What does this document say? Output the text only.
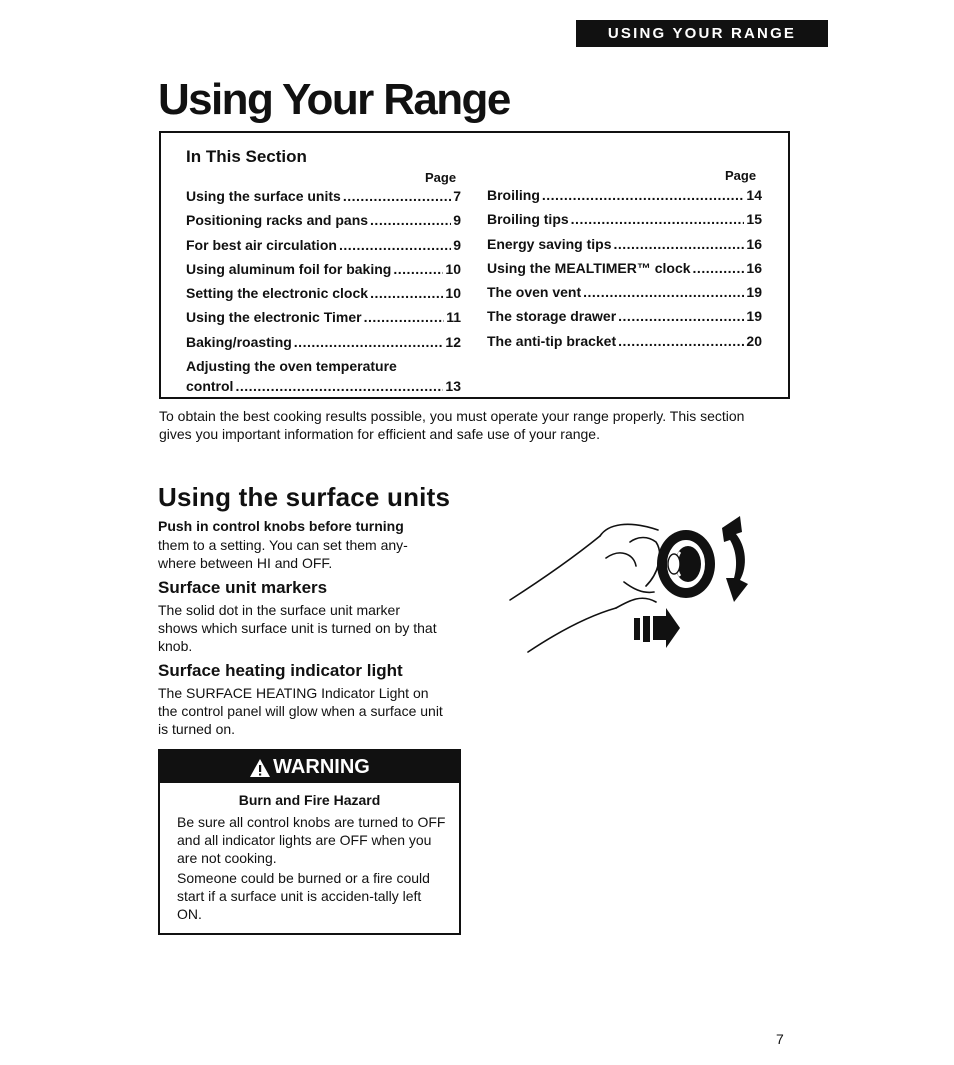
USING YOUR RANGE
Using Your Range
In This Section
Page	Page
Using the surface units .....	7
Positioning racks and pans .....	9
For best air circulation .....	9
Using aluminum foil for baking .....	10
Setting the electronic clock .....	10
Using the electronic Timer .....	11
Baking/roasting .....	12
Adjusting the oven temperature
control .....	13
Broiling .....	14
Broiling tips .....	15
Energy saving tips .....	16
Using the MEALTIMER™ clock .....	16
The oven vent .....	19
The storage drawer .....	19
The anti-tip bracket .....	20

To obtain the best cooking results possible, you must operate your range properly. This section gives you important information for efficient and safe use of your range.

Using the surface units
Push in control knobs before turning

them to a setting. You can set them any-where between HI and OFF.

Surface unit markers

The solid dot in the surface unit marker shows which surface unit is turned on by that knob.

Surface heating indicator light

The SURFACE HEATING Indicator Light on the control panel will glow when a surface unit is turned on.

WARNING
Burn and Fire Hazard

Be sure all control knobs are turned to OFF and all indicator lights are OFF when you are not cooking.

Someone could be burned or a fire could start if a surface unit is acciden-tally left ON.

7
